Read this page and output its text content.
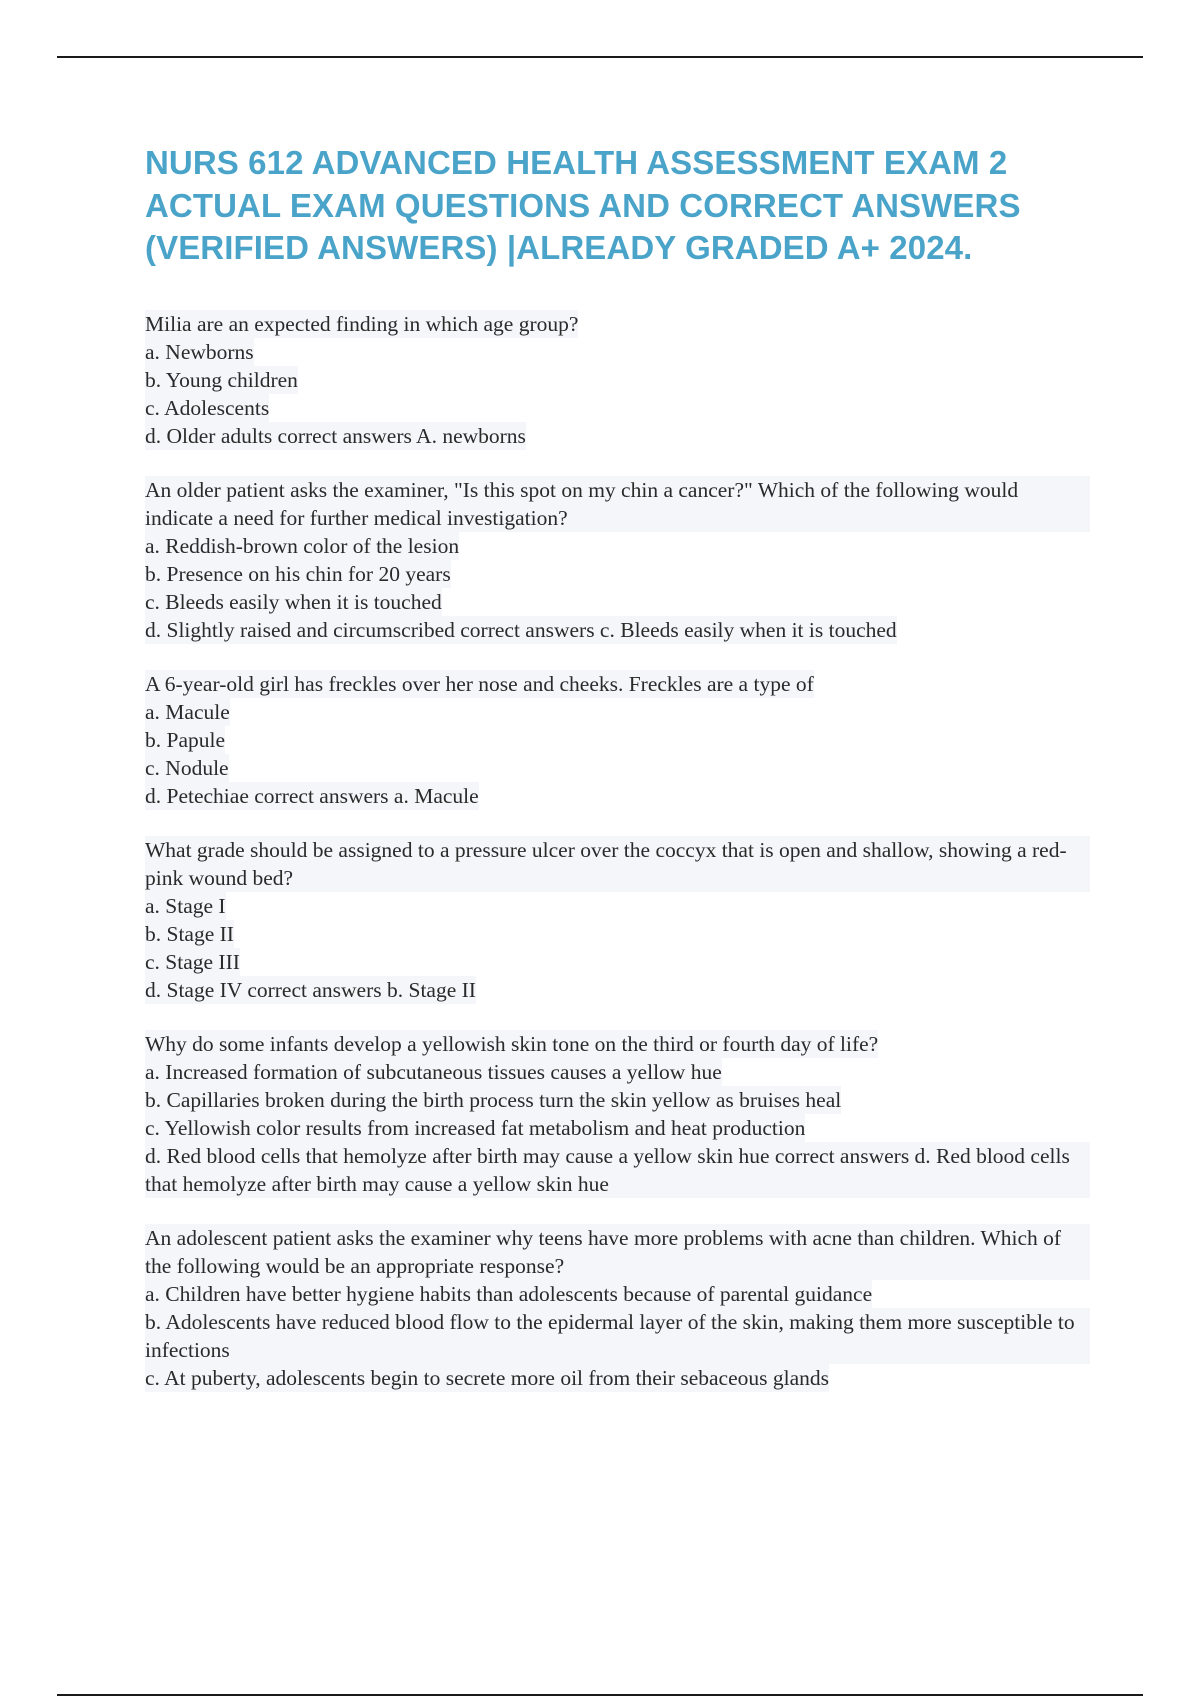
NURS 612 ADVANCED HEALTH ASSESSMENT EXAM 2 ACTUAL EXAM QUESTIONS AND CORRECT ANSWERS (VERIFIED ANSWERS) |ALREADY GRADED A+ 2024.

Milia are an expected finding in which age group?

a. Newborns

b. Young children

c. Adolescents

d. Older adults correct answers A. newborns

An older patient asks the examiner, "Is this spot on my chin a cancer?" Which of the following would indicate a need for further medical investigation?

a. Reddish-brown color of the lesion

b. Presence on his chin for 20 years

c. Bleeds easily when it is touched

d. Slightly raised and circumscribed correct answers c. Bleeds easily when it is touched

A 6-year-old girl has freckles over her nose and cheeks. Freckles are a type of

a. Macule

b. Papule

c. Nodule

d. Petechiae correct answers a. Macule

What grade should be assigned to a pressure ulcer over the coccyx that is open and shallow, showing a red-pink wound bed?

a. Stage I

b. Stage II

c. Stage III

d. Stage IV correct answers b. Stage II

Why do some infants develop a yellowish skin tone on the third or fourth day of life?

a. Increased formation of subcutaneous tissues causes a yellow hue

b. Capillaries broken during the birth process turn the skin yellow as bruises heal

c. Yellowish color results from increased fat metabolism and heat production

d. Red blood cells that hemolyze after birth may cause a yellow skin hue correct answers d. Red blood cells that hemolyze after birth may cause a yellow skin hue

An adolescent patient asks the examiner why teens have more problems with acne than children. Which of the following would be an appropriate response?

a. Children have better hygiene habits than adolescents because of parental guidance

b. Adolescents have reduced blood flow to the epidermal layer of the skin, making them more susceptible to infections

c. At puberty, adolescents begin to secrete more oil from their sebaceous glands
